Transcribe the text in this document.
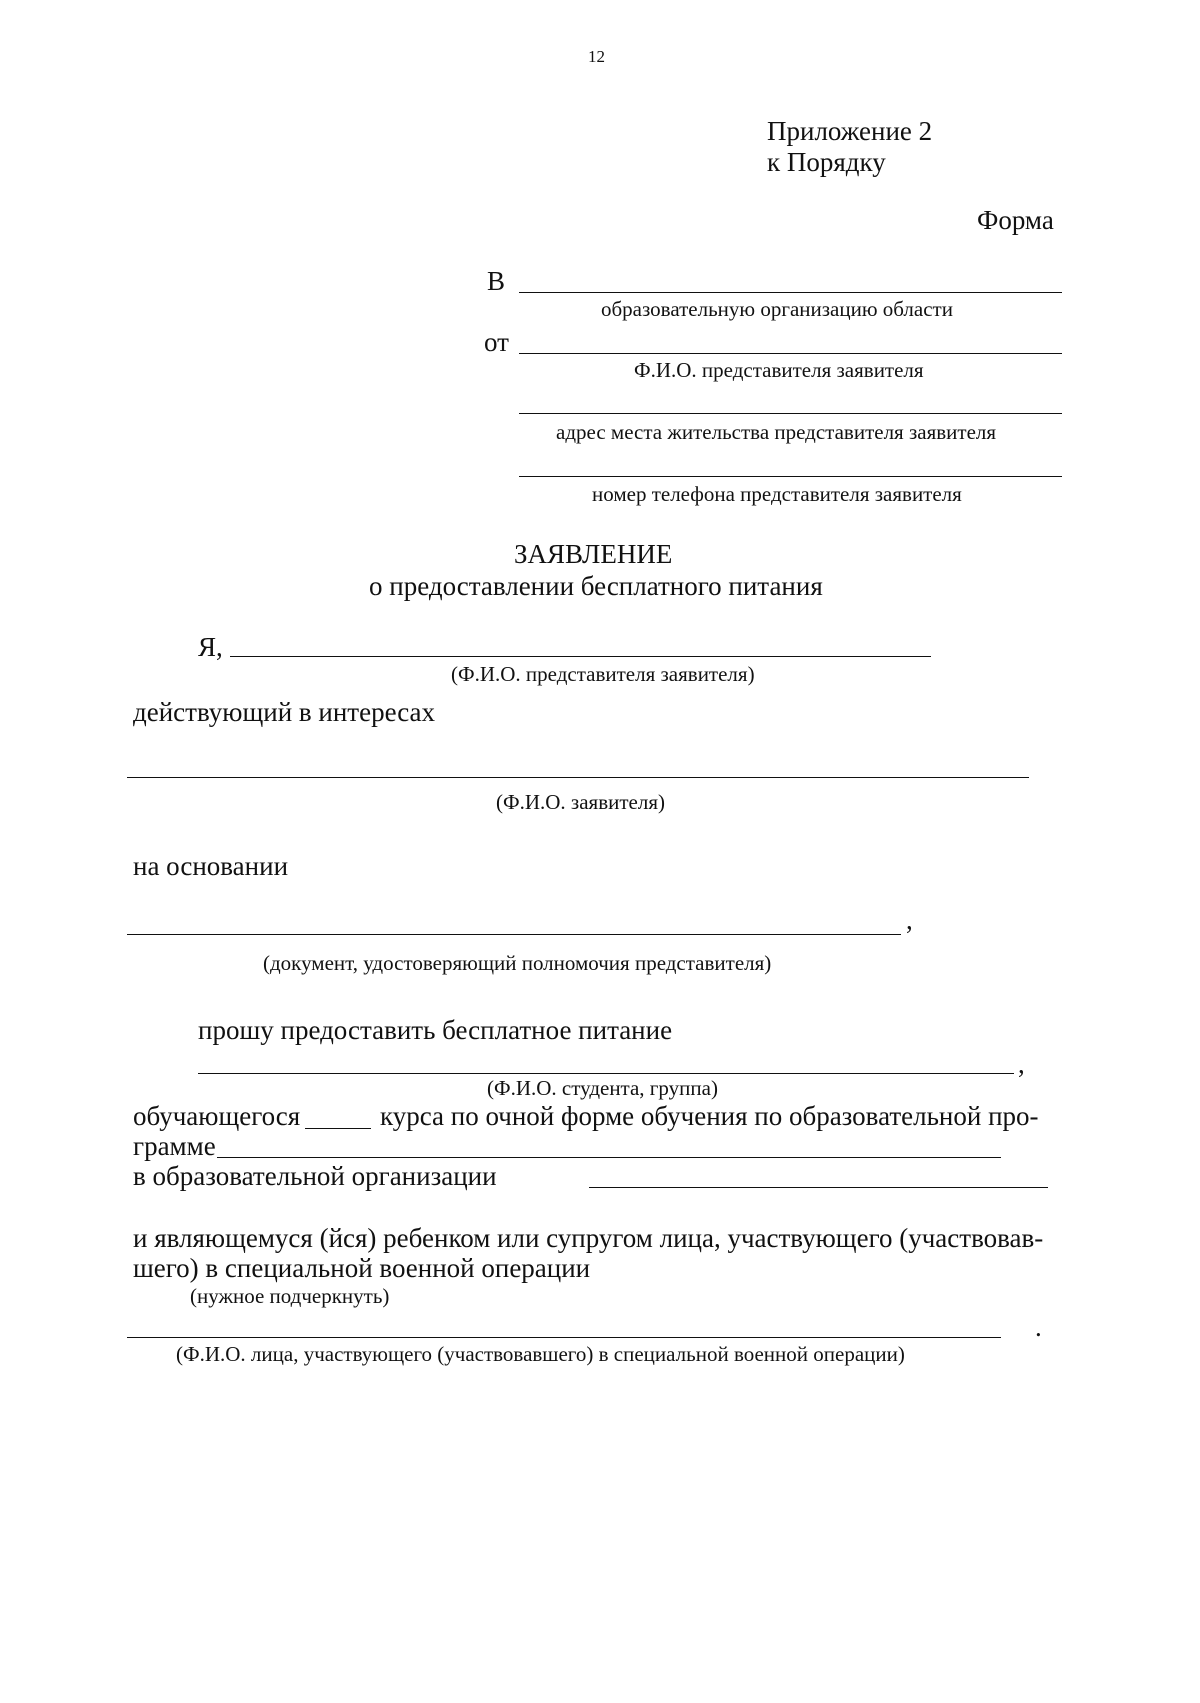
12
Приложение 2
к Порядку
Форма
В
образовательную организацию области
от
Ф.И.О. представителя заявителя
адрес места жительства представителя заявителя
номер телефона представителя заявителя
ЗАЯВЛЕНИЕ
о предоставлении бесплатного питания
Я,
(Ф.И.О. представителя заявителя)
действующий в интересах
(Ф.И.О. заявителя)
на основании
,
(документ, удостоверяющий полномочия представителя)
прошу предоставить бесплатное питание
,
(Ф.И.О. студента, группа)
обучающегося	курса по очной форме обучения по образовательной про-
грамме
в образовательной организации
и являющемуся (йся) ребенком или супругом лица, участвующего (участвовав-
шего) в специальной военной операции
(нужное подчеркнуть)
.
(Ф.И.О. лица, участвующего (участвовавшего) в специальной военной операции)
